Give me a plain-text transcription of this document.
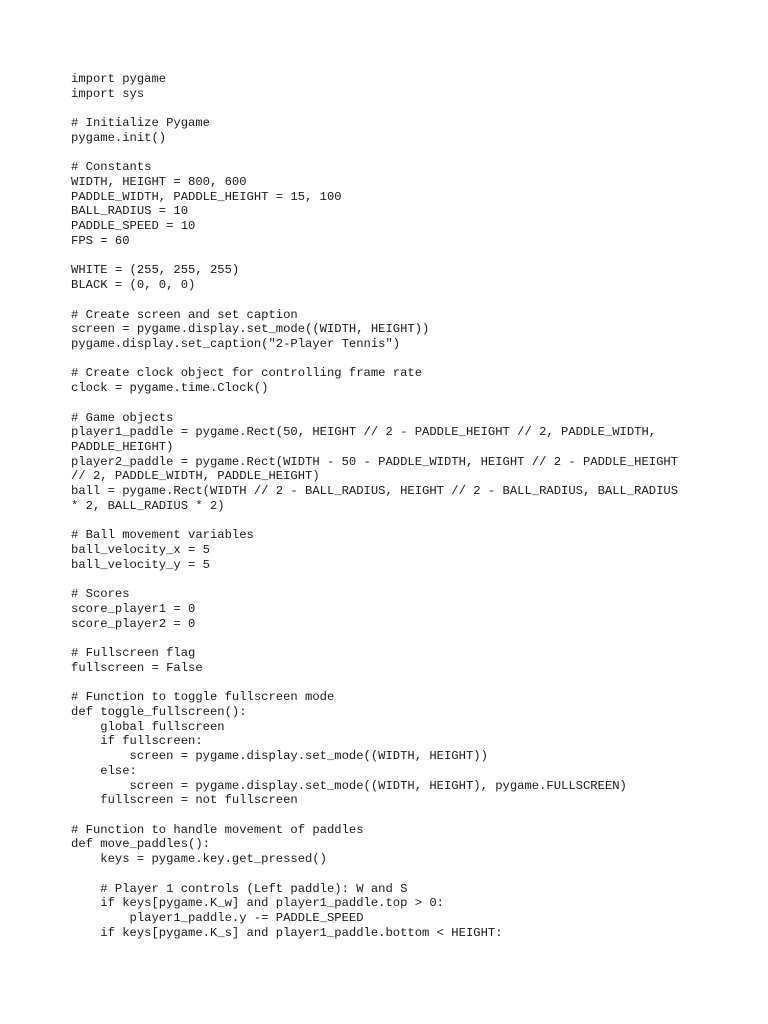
import pygame
import sys
# Initialize Pygame
pygame.init()
# Constants
WIDTH, HEIGHT = 800, 600
PADDLE_WIDTH, PADDLE_HEIGHT = 15, 100
BALL_RADIUS = 10
PADDLE_SPEED = 10
FPS = 60
WHITE = (255, 255, 255)
BLACK = (0, 0, 0)
# Create screen and set caption
screen = pygame.display.set_mode((WIDTH, HEIGHT))
pygame.display.set_caption("2-Player Tennis")
# Create clock object for controlling frame rate
clock = pygame.time.Clock()
# Game objects
player1_paddle = pygame.Rect(50, HEIGHT // 2 - PADDLE_HEIGHT // 2, PADDLE_WIDTH,
PADDLE_HEIGHT)
player2_paddle = pygame.Rect(WIDTH - 50 - PADDLE_WIDTH, HEIGHT // 2 - PADDLE_HEIGHT
// 2, PADDLE_WIDTH, PADDLE_HEIGHT)
ball = pygame.Rect(WIDTH // 2 - BALL_RADIUS, HEIGHT // 2 - BALL_RADIUS, BALL_RADIUS
* 2, BALL_RADIUS * 2)
# Ball movement variables
ball_velocity_x = 5
ball_velocity_y = 5
# Scores
score_player1 = 0
score_player2 = 0
# Fullscreen flag
fullscreen = False
# Function to toggle fullscreen mode
def toggle_fullscreen():
global fullscreen
if fullscreen:
screen = pygame.display.set_mode((WIDTH, HEIGHT))
else:
screen = pygame.display.set_mode((WIDTH, HEIGHT), pygame.FULLSCREEN)
fullscreen = not fullscreen
# Function to handle movement of paddles
def move_paddles():
keys = pygame.key.get_pressed()
# Player 1 controls (Left paddle): W and S
if keys[pygame.K_w] and player1_paddle.top > 0:
player1_paddle.y -= PADDLE_SPEED
if keys[pygame.K_s] and player1_paddle.bottom < HEIGHT:
